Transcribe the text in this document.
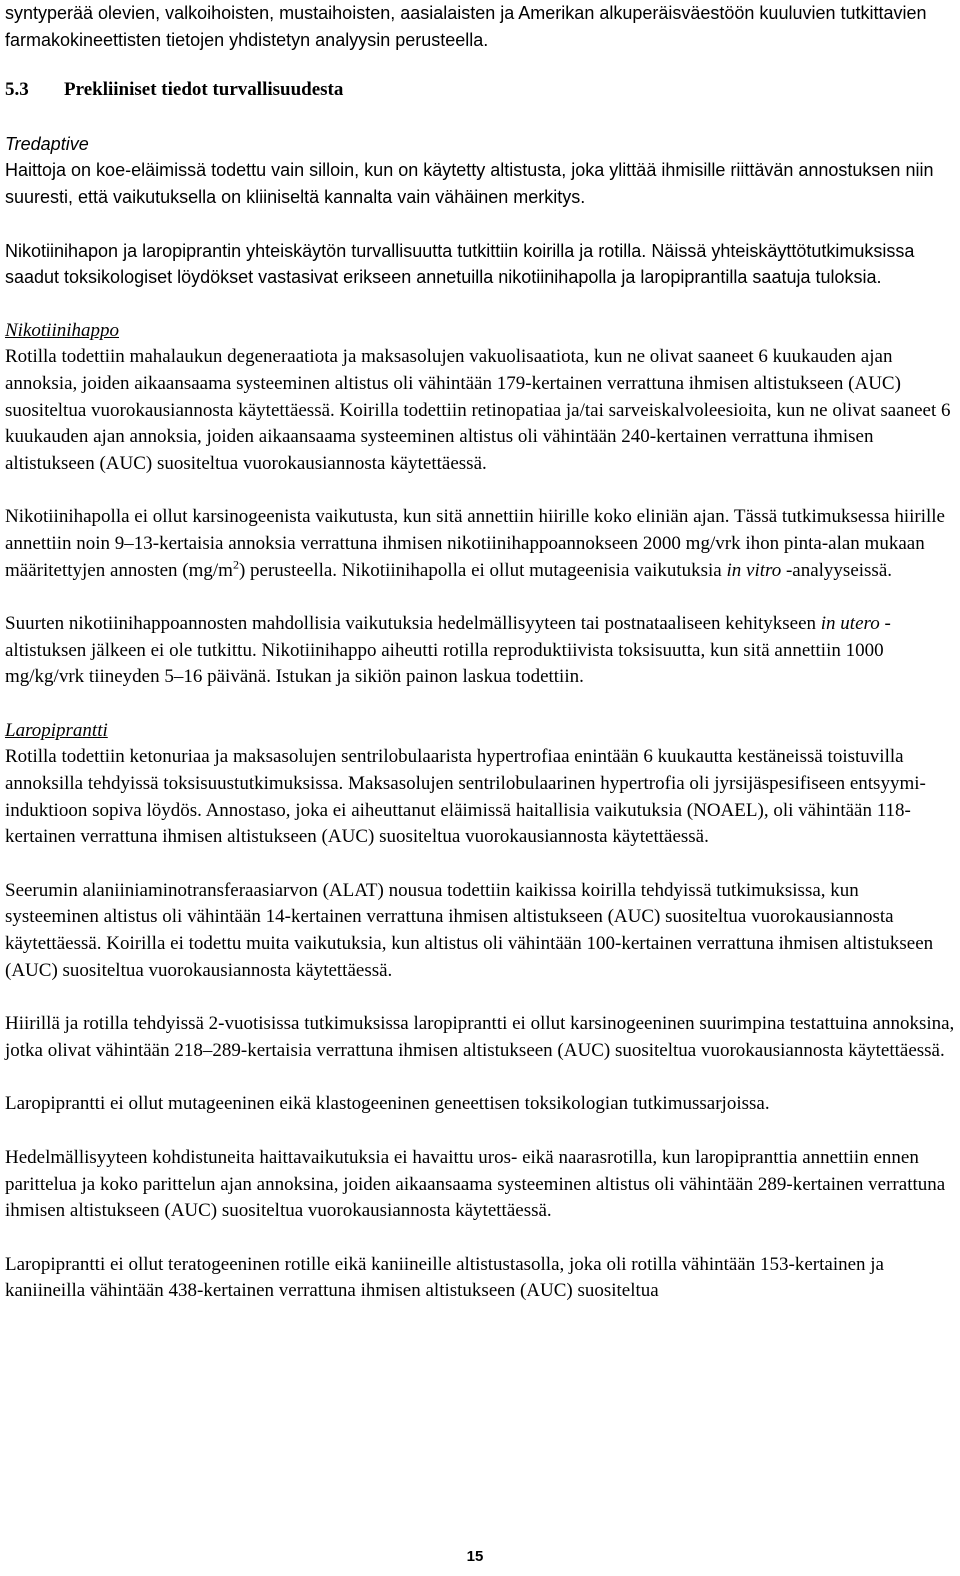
syntyperää olevien, valkoihoisten, mustaihoisten, aasialaisten ja Amerikan alkuperäisväestöön kuuluvien tutkittavien farmakokineettisten tietojen yhdistetyn analyysin perusteella.

5.3 Prekliiniset tiedot turvallisuudesta

Tredaptive

Haittoja on koe-eläimissä todettu vain silloin, kun on käytetty altistusta, joka ylittää ihmisille riittävän annostuksen niin suuresti, että vaikutuksella on kliiniseltä kannalta vain vähäinen merkitys.

Nikotiinihapon ja laropiprantin yhteiskäytön turvallisuutta tutkittiin koirilla ja rotilla. Näissä yhteiskäyttötutkimuksissa saadut toksikologiset löydökset vastasivat erikseen annetuilla nikotiinihapolla ja laropiprantilla saatuja tuloksia.

Nikotiinihappo

Rotilla todettiin mahalaukun degeneraatiota ja maksasolujen vakuolisaatiota, kun ne olivat saaneet 6 kuukauden ajan annoksia, joiden aikaansaama systeeminen altistus oli vähintään 179-kertainen verrattuna ihmisen altistukseen (AUC) suositeltua vuorokausiannosta käytettäessä. Koirilla todettiin retinopatiaa ja/tai sarveiskalvoleesioita, kun ne olivat saaneet 6 kuukauden ajan annoksia, joiden aikaansaama systeeminen altistus oli vähintään 240-kertainen verrattuna ihmisen altistukseen (AUC) suositeltua vuorokausiannosta käytettäessä.

Nikotiinihapolla ei ollut karsinogeenista vaikutusta, kun sitä annettiin hiirille koko eliniän ajan. Tässä tutkimuksessa hiirille annettiin noin 9–13-kertaisia annoksia verrattuna ihmisen nikotiinihappoannokseen 2000 mg/vrk ihon pinta-alan mukaan määritettyjen annosten $(mg/m^2)$ perusteella. Nikotiinihapolla ei ollut mutageenisia vaikutuksia in vitro -analyyseissä.

Suurten nikotiinihappoannosten mahdollisia vaikutuksia hedelmällisyyteen tai postnataaliseen kehitykseen in utero -altistuksen jälkeen ei ole tutkittu. Nikotiinihappo aiheutti rotilla reproduktiivista toksisuutta, kun sitä annettiin 1000 mg/kg/vrk tiineyden 5–16 päivänä. Istukan ja sikiön painon laskua todettiin.

Laropiprantti

Rotilla todettiin ketonuriaa ja maksasolujen sentrilobulaarista hypertrofiaa enintään 6 kuukautta kestäneissä toistuvilla annoksilla tehdyissä toksisuustutkimuksissa. Maksasolujen sentrilobulaarinen hypertrofia oli jyrsijäspesifiseen entsyymi-induktioon sopiva löydös. Annostaso, joka ei aiheuttanut eläimissä haitallisia vaikutuksia (NOAEL), oli vähintään 118-kertainen verrattuna ihmisen altistukseen (AUC) suositeltua vuorokausiannosta käytettäessä.

Seerumin alaniiniaminotransferaasiarvon (ALAT) nousua todettiin kaikissa koirilla tehdyissä tutkimuksissa, kun systeeminen altistus oli vähintään 14-kertainen verrattuna ihmisen altistukseen (AUC) suositeltua vuorokausiannosta käytettäessä. Koirilla ei todettu muita vaikutuksia, kun altistus oli vähintään 100-kertainen verrattuna ihmisen altistukseen (AUC) suositeltua vuorokausiannosta käytettäessä.

Hiirillä ja rotilla tehdyissä 2-vuotisissa tutkimuksissa laropiprantti ei ollut karsinogeeninen suurimpina testattuina annoksina, jotka olivat vähintään 218–289-kertaisia verrattuna ihmisen altistukseen (AUC) suositeltua vuorokausiannosta käytettäessä.

Laropiprantti ei ollut mutageeninen eikä klastogeeninen geneettisen toksikologian tutkimussarjoissa.

Hedelmällisyyteen kohdistuneita haittavaikutuksia ei havaittu uros- eikä naarasrotilla, kun laropipranttia annettiin ennen parittelua ja koko parittelun ajan annoksina, joiden aikaansaama systeeminen altistus oli vähintään 289-kertainen verrattuna ihmisen altistukseen (AUC) suositeltua vuorokausiannosta käytettäessä.

Laropiprantti ei ollut teratogeeninen rotille eikä kaniineille altistustasolla, joka oli rotilla vähintään 153-kertainen ja kaniineilla vähintään 438-kertainen verrattuna ihmisen altistukseen (AUC) suositeltua

15
